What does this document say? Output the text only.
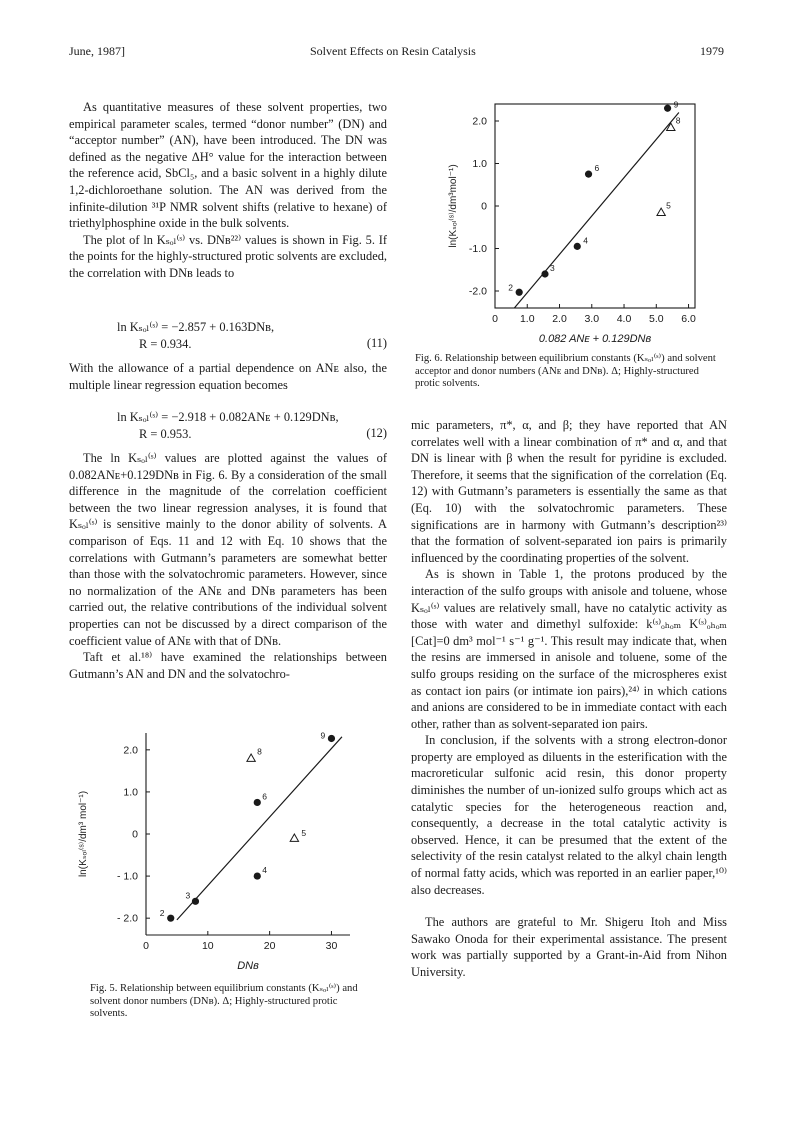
June, 1987]	Solvent Effects on Resin Catalysis	1979

As quantitative measures of these solvent properties, two empirical parameter scales, termed “donor number” (DN) and “acceptor number” (AN), have been introduced. The DN was defined as the negative ΔH° value for the interaction between the reference acid, SbCl₅, and a basic solvent in a highly dilute 1,2-dichloroethane solution. The AN was derived from the infinite-dilution ³¹P NMR solvent shifts (relative to hexane) of triethylphosphine oxide in the bulk solvents.

The plot of ln Kₛₒₗ⁽ˢ⁾ vs. DNʙ²²⁾ values is shown in Fig. 5. If the points for the highly-structured protic solvents are excluded, the correlation with DNʙ leads to

ln Kₛₒₗ⁽ˢ⁾ = −2.857 + 0.163DNʙ,
R = 0.934.	(11)

With the allowance of a partial dependence on ANᴇ also, the multiple linear regression equation becomes

ln Kₛₒₗ⁽ˢ⁾ = −2.918 + 0.082ANᴇ + 0.129DNʙ,
R = 0.953.	(12)

The ln Kₛₒₗ⁽ˢ⁾ values are plotted against the values of 0.082ANᴇ+0.129DNʙ in Fig. 6. By a consideration of the small difference in the magnitude of the correlation coefficient between the two linear regression analyses, it is found that Kₛₒₗ⁽ˢ⁾ is sensitive mainly to the donor ability of solvents. A comparison of Eqs. 11 and 12 with Eq. 10 shows that the correlations with Gutmann’s parameters are somewhat better than those with the solvatochromic parameters. However, since no normalization of the ANᴇ and DNʙ parameters has been carried out, the relative contributions of the individual solvent properties can not be discussed by a direct comparison of the coefficient value of ANᴇ with that of DNʙ.

Taft et al.¹⁸⁾ have examined the relationships between Gutmann’s AN and DN and the solvatochro-

mic parameters, π*, α, and β; they have reported that AN correlates well with a linear combination of π* and α, and that DN is linear with β when the result for pyridine is excluded. Therefore, it seems that the signification of the correlation (Eq. 12) with Gutmann’s parameters is essentially the same as that (Eq. 10) with the solvatochromic parameters. These significations are in harmony with Gutmann’s description²³⁾ that the formation of solvent-separated ion pairs is primarily influenced by the coordinating properties of the solvent.

As is shown in Table 1, the protons produced by the interaction of the sulfo groups with anisole and toluene, whose Kₛₒₗ⁽ˢ⁾ values are relatively small, have no catalytic activity as those with water and dimethyl sulfoxide: k⁽ˢ⁾ₒₕₒₘ K⁽ˢ⁾ₒₕₒₘ [Cat]=0 dm³ mol⁻¹ s⁻¹ g⁻¹. This result may indicate that, when the resins are immersed in anisole and toluene, some of the sulfo groups residing on the surface of the microspheres exist as contact ion pairs (or intimate ion pairs),²⁴⁾ in which cations and anions are considered to be in immediate contact with each other, rather than as solvent-separated ion pairs.

In conclusion, if the solvents with a strong electron-donor property are employed as diluents in the esterification with the macroreticular sulfonic acid resin, this donor property diminishes the number of un-ionized sulfo groups which act as catalytic species for the heterogeneous reaction and, consequently, a decrease in the total catalytic activity is observed. Hence, it can be presumed that the extent of the selectivity of the resin catalyst related to the alkyl chain length of normal fatty acids, which was reported in an earlier paper,¹⁰⁾ also decreases.

The authors are grateful to Mr. Shigeru Itoh and Miss Sawako Onoda for their experimental assistance. The present work was partially supported by a Grant-in-Aid from Nihon University.

0 1.0 2.0 3.0 4.0 5.0 6.0
2.0
1.0
0
-1.0
-2.0 2
3
4
5
6
8
9
0.082 ANᴇ + 0.129DNʙ
ln(Kₛₒₗ⁽ˢ⁾/dm³mol⁻¹)
Fig. 6. Relationship between equilibrium constants (Kₛₒₗ⁽ˢ⁾) and solvent acceptor and donor numbers (ANᴇ and DNʙ). Δ; Highly-structured protic solvents.
0	10	20	30
2.0
1.0
0
- 1.0
- 2.0	2
3
4
5
6
8
9
DNʙ
ln(Kₛₒₗ⁽ˢ⁾/dm³ mol⁻¹)
Fig. 5. Relationship between equilibrium constants (Kₛₒₗ⁽ˢ⁾) and solvent donor numbers (DNʙ). Δ; Highly-structured protic solvents.
